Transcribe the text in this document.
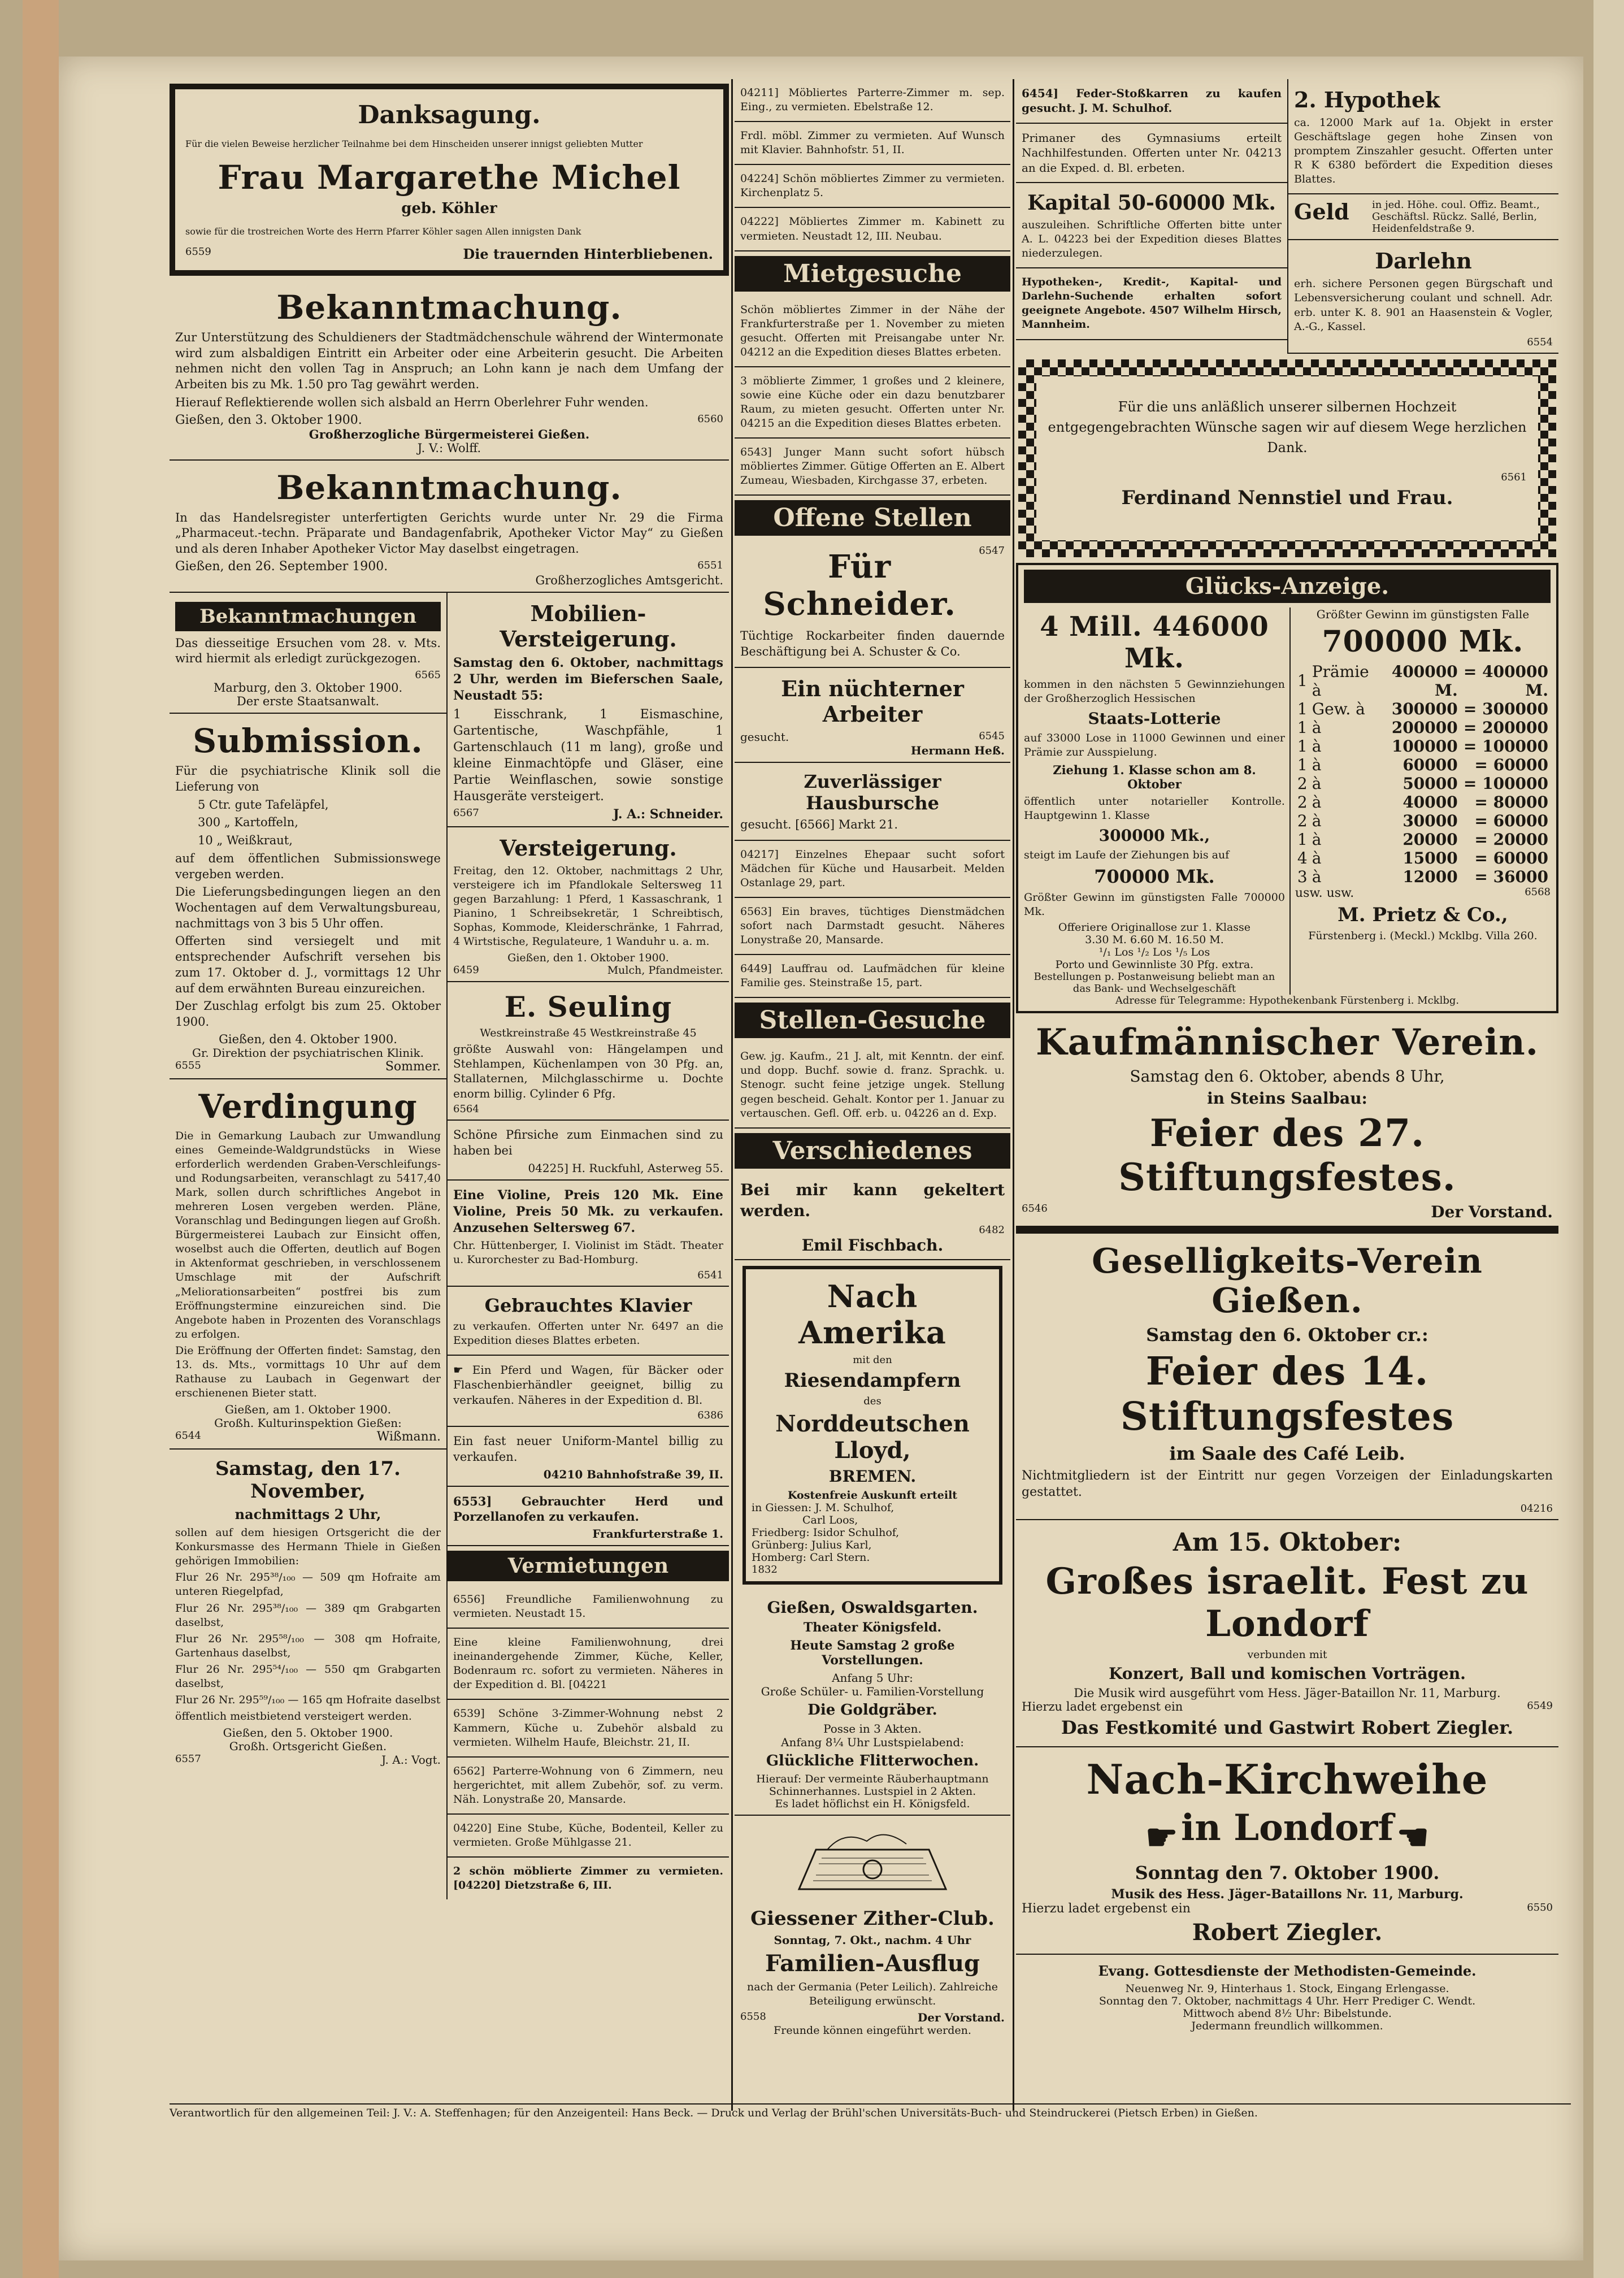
Danksagung.

Für die vielen Beweise herzlicher Teilnahme bei dem Hinscheiden unserer innigst geliebten Mutter

Frau Margarethe Michel
geb. Köhler

sowie für die trostreichen Worte des Herrn Pfarrer Köhler sagen Allen innigsten Dank

6559	Die trauernden Hinterbliebenen.
Bekanntmachung.

Zur Unterstützung des Schuldieners der Stadtmädchenschule während der Wintermonate wird zum alsbaldigen Eintritt ein Arbeiter oder eine Arbeiterin gesucht. Die Arbeiten nehmen nicht den vollen Tag in Anspruch; an Lohn kann je nach dem Umfang der Arbeiten bis zu Mk. 1.50 pro Tag gewährt werden.

Hierauf Reflektierende wollen sich alsbald an Herrn Oberlehrer Fuhr wenden.

Gießen, den 3. Oktober 1900.	6560
Großherzogliche Bürgermeisterei Gießen.
J. V.: Wolff.
Bekanntmachung.

In das Handelsregister unterfertigten Gerichts wurde unter Nr. 29 die Firma „Pharmaceut.-techn. Präparate und Bandagenfabrik, Apotheker Victor May“ zu Gießen und als deren Inhaber Apotheker Victor May daselbst eingetragen.

Gießen, den 26. September 1900.	6551
Großherzogliches Amtsgericht.
Bekanntmachungen

Das diesseitige Ersuchen vom 28. v. Mts. wird hiermit als erledigt zurückgezogen.

6565
Marburg, den 3. Oktober 1900.
Der erste Staatsanwalt.
Submission.

Für die psychiatrische Klinik soll die Lieferung von

5 Ctr. gute Tafeläpfel,

300 „ Kartoffeln,

10 „ Weißkraut,

auf dem öffentlichen Submissionswege vergeben werden.

Die Lieferungsbedingungen liegen an den Wochentagen auf dem Verwaltungsbureau, nachmittags von 3 bis 5 Uhr offen.

Offerten sind versiegelt und mit entsprechender Aufschrift versehen bis zum 17. Oktober d. J., vormittags 12 Uhr auf dem erwähnten Bureau einzureichen.

Der Zuschlag erfolgt bis zum 25. Oktober 1900.

Gießen, den 4. Oktober 1900.
Gr. Direktion der psychiatrischen Klinik.
6555	Sommer.
Verdingung

Die in Gemarkung Laubach zur Umwandlung eines Gemeinde-Waldgrundstücks in Wiese erforderlich werdenden Graben-Verschleifungs- und Rodungsarbeiten, veranschlagt zu 5417,40 Mark, sollen durch schriftliches Angebot in mehreren Losen vergeben werden. Pläne, Voranschlag und Bedingungen liegen auf Großh. Bürgermeisterei Laubach zur Einsicht offen, woselbst auch die Offerten, deutlich auf Bogen in Aktenformat geschrieben, in verschlossenem Umschlage mit der Aufschrift „Meliorationsarbeiten“ postfrei bis zum Eröffnungstermine einzureichen sind. Die Angebote haben in Prozenten des Voranschlags zu erfolgen.

Die Eröffnung der Offerten findet: Samstag, den 13. ds. Mts., vormittags 10 Uhr auf dem Rathause zu Laubach in Gegenwart der erschienenen Bieter statt.

Gießen, am 1. Oktober 1900.
Großh. Kulturinspektion Gießen:
6544	Wißmann.
Samstag, den 17. November,
nachmittags 2 Uhr,

sollen auf dem hiesigen Ortsgericht die der Konkursmasse des Hermann Thiele in Gießen gehörigen Immobilien:

Flur 26 Nr. 295³⁸/₁₀₀ — 509 qm Hofraite am unteren Riegelpfad,

Flur 26 Nr. 295³⁸/₁₀₀ — 389 qm Grabgarten daselbst,

Flur 26 Nr. 295⁵⁸/₁₀₀ — 308 qm Hofraite, Gartenhaus daselbst,

Flur 26 Nr. 295⁵⁴/₁₀₀ — 550 qm Grabgarten daselbst,

Flur 26 Nr. 295⁵⁹/₁₀₀ — 165 qm Hofraite daselbst

öffentlich meistbietend versteigert werden.

Gießen, den 5. Oktober 1900.
Großh. Ortsgericht Gießen.
6557	J. A.: Vogt.
Mobilien-Versteigerung.

Samstag den 6. Oktober, nachmittags 2 Uhr, werden im Bieferschen Saale, Neustadt 55:

1 Eisschrank, 1 Eismaschine, Gartentische, Waschpfähle, 1 Gartenschlauch (11 m lang), große und kleine Einmachtöpfe und Gläser, eine Partie Weinflaschen, sowie sonstige Hausgeräte versteigert.

6567	J. A.: Schneider.
Versteigerung.

Freitag, den 12. Oktober, nachmittags 2 Uhr, versteigere ich im Pfandlokale Seltersweg 11 gegen Barzahlung: 1 Pferd, 1 Kassaschrank, 1 Pianino, 1 Schreibsekretär, 1 Schreibtisch, Sophas, Kommode, Kleiderschränke, 1 Fahrrad, 4 Wirtstische, Regulateure, 1 Wanduhr u. a. m.

Gießen, den 1. Oktober 1900.
6459	Mulch, Pfandmeister.
E. Seuling
Westkreinstraße 45 Westkreinstraße 45

größte Auswahl von: Hängelampen und Stehlampen, Küchenlampen von 30 Pfg. an, Stallaternen, Milchglasschirme u. Dochte enorm billig. Cylinder 6 Pfg.

6564

Schöne Pfirsiche zum Einmachen sind zu haben bei

04225] H. Ruckfuhl, Asterweg 55.

Eine Violine, Preis 120 Mk. Eine Violine, Preis 50 Mk. zu verkaufen. Anzusehen Seltersweg 67.

Chr. Hüttenberger, I. Violinist im Städt. Theater u. Kurorchester zu Bad-Homburg.

6541
Gebrauchtes Klavier

zu verkaufen. Offerten unter Nr. 6497 an die Expedition dieses Blattes erbeten.

☛ Ein Pferd und Wagen, für Bäcker oder Flaschenbierhändler geeignet, billig zu verkaufen. Näheres in der Expedition d. Bl.

6386

Ein fast neuer Uniform-Mantel billig zu verkaufen.

04210 Bahnhofstraße 39, II.

6553] Gebrauchter Herd und Porzellanofen zu verkaufen.

Frankfurterstraße 1.
Vermietungen

6556] Freundliche Familienwohnung zu vermieten. Neustadt 15.

Eine kleine Familienwohnung, drei ineinandergehende Zimmer, Küche, Keller, Bodenraum rc. sofort zu vermieten. Näheres in der Expedition d. Bl. [04221

6539] Schöne 3-Zimmer-Wohnung nebst 2 Kammern, Küche u. Zubehör alsbald zu vermieten. Wilhelm Haufe, Bleichstr. 21, II.

6562] Parterre-Wohnung von 6 Zimmern, neu hergerichtet, mit allem Zubehör, sof. zu verm. Näh. Lonystraße 20, Mansarde.

04220] Eine Stube, Küche, Bodenteil, Keller zu vermieten. Große Mühlgasse 21.

2 schön möblierte Zimmer zu vermieten. [04220] Dietzstraße 6, III.

04211] Möbliertes Parterre-Zimmer m. sep. Eing., zu vermieten. Ebelstraße 12.

Frdl. möbl. Zimmer zu vermieten. Auf Wunsch mit Klavier. Bahnhofstr. 51, II.

04224] Schön möbliertes Zimmer zu vermieten. Kirchenplatz 5.

04222] Möbliertes Zimmer m. Kabinett zu vermieten. Neustadt 12, III. Neubau.

Mietgesuche

Schön möbliertes Zimmer in der Nähe der Frankfurterstraße per 1. November zu mieten gesucht. Offerten mit Preisangabe unter Nr. 04212 an die Expedition dieses Blattes erbeten.

3 möblierte Zimmer, 1 großes und 2 kleinere, sowie eine Küche oder ein dazu benutzbarer Raum, zu mieten gesucht. Offerten unter Nr. 04215 an die Expedition dieses Blattes erbeten.

6543] Junger Mann sucht sofort hübsch möbliertes Zimmer. Gütige Offerten an E. Albert Zumeau, Wiesbaden, Kirchgasse 37, erbeten.

Offene Stellen
Für Schneider.
6547

Tüchtige Rockarbeiter finden dauernde Beschäftigung bei A. Schuster & Co.

Ein nüchterner Arbeiter
gesucht.	6545
Hermann Heß.
Zuverlässiger Hausbursche

gesucht. [6566] Markt 21.

04217] Einzelnes Ehepaar sucht sofort Mädchen für Küche und Hausarbeit. Melden Ostanlage 29, part.

6563] Ein braves, tüchtiges Dienstmädchen sofort nach Darmstadt gesucht. Näheres Lonystraße 20, Mansarde.

6449] Lauffrau od. Laufmädchen für kleine Familie ges. Steinstraße 15, part.

Stellen-Gesuche

Gew. jg. Kaufm., 21 J. alt, mit Kenntn. der einf. und dopp. Buchf. sowie d. franz. Sprachk. u. Stenogr. sucht feine jetzige ungek. Stellung gegen bescheid. Gehalt. Kontor per 1. Januar zu vertauschen. Gefl. Off. erb. u. 04226 an d. Exp.

Verschiedenes

Bei mir kann gekeltert werden.

6482
Emil Fischbach.
Nach Amerika
mit den
Riesendampfern
des
Norddeutschen Lloyd,
BREMEN.
Kostenfreie Auskunft erteilt
in Giessen: J. M. Schulhof,
Carl Loos,
Friedberg: Isidor Schulhof,
Grünberg: Julius Karl,
Homberg: Carl Stern.
1832
Gießen, Oswaldsgarten.
Theater Königsfeld.
Heute Samstag 2 große Vorstellungen.
Anfang 5 Uhr:
Große Schüler- u. Familien-Vorstellung
Die Goldgräber.
Posse in 3 Akten.
Anfang 8¼ Uhr Lustspielabend:
Glückliche Flitterwochen.
Hierauf: Der vermeinte Räuberhauptmann Schinnerhannes. Lustspiel in 2 Akten.
Es ladet höflichst ein H. Königsfeld.
Giessener Zither-Club.
Sonntag, 7. Okt., nachm. 4 Uhr
Familien-Ausflug

nach der Germania (Peter Leilich). Zahlreiche Beteiligung erwünscht.

6558	Der Vorstand.
Freunde können eingeführt werden.

6454] Feder-Stoßkarren zu kaufen gesucht. J. M. Schulhof.

Primaner des Gymnasiums erteilt Nachhilfestunden. Offerten unter Nr. 04213 an die Exped. d. Bl. erbeten.

Kapital 50-60000 Mk.

auszuleihen. Schriftliche Offerten bitte unter A. L. 04223 bei der Expedition dieses Blattes niederzulegen.

Hypotheken-, Kredit-, Kapital- und Darlehn-Suchende erhalten sofort geeignete Angebote. 4507 Wilhelm Hirsch, Mannheim.

2. Hypothek

ca. 12000 Mark auf 1a. Objekt in erster Geschäftslage gegen hohe Zinsen von promptem Zinszahler gesucht. Offerten unter R K 6380 befördert die Expedition dieses Blattes.

Geld in jed. Höhe. coul. Offiz. Beamt., Geschäftsl. Rückz. Sallé, Berlin, Heidenfeldstraße 9.
Darlehn

erh. sichere Personen gegen Bürgschaft und Lebensversicherung coulant und schnell. Adr. erb. unter K. 8. 901 an Haasenstein & Vogler, A.-G., Kassel.

6554

Für die uns anläßlich unserer silbernen Hochzeit entgegengebrachten Wünsche sagen wir auf diesem Wege herzlichen Dank.

6561
Ferdinand Nennstiel und Frau.
Glücks-Anzeige.
4 Mill. 446000 Mk.

kommen in den nächsten 5 Gewinnziehungen der Großherzoglich Hessischen

Staats-Lotterie

auf 33000 Lose in 11000 Gewinnen und einer Prämie zur Ausspielung.

Ziehung 1. Klasse schon am 8. Oktober

öffentlich unter notarieller Kontrolle. Hauptgewinn 1. Klasse

300000 Mk.,

steigt im Laufe der Ziehungen bis auf

700000 Mk.

Größter Gewinn im günstigsten Falle 700000 Mk.

Offeriere Originallose zur 1. Klasse
3.30 M. 6.60 M. 16.50 M.
¹/₁ Los ¹/₂ Los ¹/₅ Los
Porto und Gewinnliste 30 Pfg. extra.
Bestellungen p. Postanweisung beliebt man an das Bank- und Wechselgeschäft
Größter Gewinn im günstigsten Falle
700000 Mk.
1	Prämie à	400000 M.	= 400000 M.
1	Gew. à	300000	= 300000
1	à	200000	= 200000
1	à	100000	= 100000
1	à	60000	= 60000
2	à	50000	= 100000
2	à	40000	= 80000
2	à	30000	= 60000
1	à	20000	= 20000
4	à	15000	= 60000
3	à	12000	= 36000
usw. usw.	6568
M. Prietz & Co.,
Fürstenberg i. (Meckl.) Mcklbg. Villa 260.
Adresse für Telegramme: Hypothekenbank Fürstenberg i. Mcklbg.
Kaufmännischer Verein.
Samstag den 6. Oktober, abends 8 Uhr,
in Steins Saalbau:
Feier des 27. Stiftungsfestes.
6546	Der Vorstand.
Geselligkeits-Verein Gießen.
Samstag den 6. Oktober cr.:
Feier des 14. Stiftungsfestes
im Saale des Café Leib.

Nichtmitgliedern ist der Eintritt nur gegen Vorzeigen der Einladungskarten gestattet.

04216
Am 15. Oktober:
Großes israelit. Fest zu Londorf
verbunden mit
Konzert, Ball und komischen Vorträgen.
Die Musik wird ausgeführt vom Hess. Jäger-Bataillon Nr. 11, Marburg.
Hierzu ladet ergebenst ein	6549
Das Festkomité und Gastwirt Robert Ziegler.
Nach-Kirchweihe
☛ in Londorf ☚
Sonntag den 7. Oktober 1900.
Musik des Hess. Jäger-Bataillons Nr. 11, Marburg.
Hierzu ladet ergebenst ein	6550
Robert Ziegler.
Evang. Gottesdienste der Methodisten-Gemeinde.
Neuenweg Nr. 9, Hinterhaus 1. Stock, Eingang Erlengasse.
Sonntag den 7. Oktober, nachmittags 4 Uhr. Herr Prediger C. Wendt.
Mittwoch abend 8½ Uhr: Bibelstunde.
Jedermann freundlich willkommen.
Verantwortlich für den allgemeinen Teil: J. V.: A. Steffenhagen; für den Anzeigenteil: Hans Beck. — Druck und Verlag der Brühl'schen Universitäts-Buch- und Steindruckerei (Pietsch Erben) in Gießen.
